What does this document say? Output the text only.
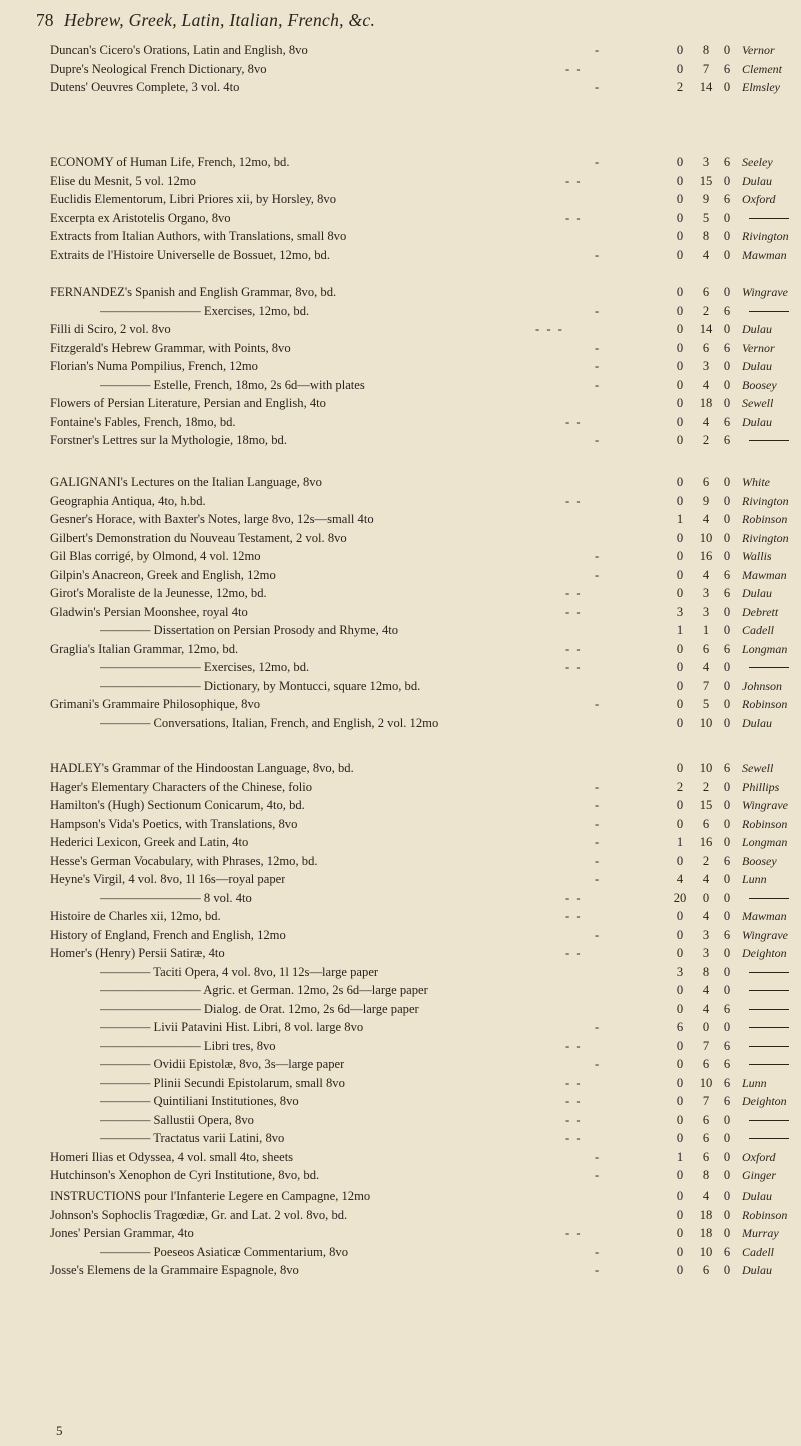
78 Hebrew, Greek, Latin, Italian, French, &c.
Duncan's Cicero's Orations, Latin and English, 8vo	-	0	8	0 Vernor
Dupre's Neological French Dictionary, 8vo	- -	0	7	6 Clement
Dutens' Oeuvres Complete, 3 vol. 4to	-	2	14 0 Elmsley
ECONOMY of Human Life, French, 12mo, bd.	-	0	3	6 Seeley
Elise du Mesnit, 5 vol. 12mo	- -	0	15 0 Dulau
Euclidis Elementorum, Libri Priores xii, by Horsley, 8vo	0	9	6 Oxford
Excerpta ex Aristotelis Organo, 8vo	- -	0	5	0
Extracts from Italian Authors, with Translations, small 8vo	0	8	0 Rivington
Extraits de l'Histoire Universelle de Bossuet, 12mo, bd.	-	0	4	0 Mawman
FERNANDEZ's Spanish and English Grammar, 8vo, bd.	0	6	0 Wingrave
———————— Exercises, 12mo, bd.	-	0	2	6
Filli di Sciro, 2 vol. 8vo	- - -	0	14 0 Dulau
Fitzgerald's Hebrew Grammar, with Points, 8vo	-	0	6	6 Vernor
Florian's Numa Pompilius, French, 12mo	-	0	3	0 Dulau
———— Estelle, French, 18mo, 2s 6d—with plates	-	0	4	0 Boosey
Flowers of Persian Literature, Persian and English, 4to	0	18 0 Sewell
Fontaine's Fables, French, 18mo, bd.	- -	0	4	6 Dulau
Forstner's Lettres sur la Mythologie, 18mo, bd.	-	0	2	6
GALIGNANI's Lectures on the Italian Language, 8vo	0	6	0 White
Geographia Antiqua, 4to, h.bd.	- -	0	9	0 Rivington
Gesner's Horace, with Baxter's Notes, large 8vo, 12s—small 4to	1	4	0 Robinson
Gilbert's Demonstration du Nouveau Testament, 2 vol. 8vo	0	10 0 Rivington
Gil Blas corrigé, by Olmond, 4 vol. 12mo	-	0	16 0 Wallis
Gilpin's Anacreon, Greek and English, 12mo	-	0	4	6 Mawman
Girot's Moraliste de la Jeunesse, 12mo, bd.	- -	0	3	6 Dulau
Gladwin's Persian Moonshee, royal 4to	- -	3	3	0 Debrett
———— Dissertation on Persian Prosody and Rhyme, 4to	1	1	0 Cadell
Graglia's Italian Grammar, 12mo, bd.	- -	0	6	6 Longman
———————— Exercises, 12mo, bd.	- -	0	4	0
———————— Dictionary, by Montucci, square 12mo, bd.	0	7	0 Johnson
Grimani's Grammaire Philosophique, 8vo	-	0	5	0 Robinson
———— Conversations, Italian, French, and English, 2 vol. 12mo	0	10 0 Dulau
HADLEY's Grammar of the Hindoostan Language, 8vo, bd.	0	10 6 Sewell
Hager's Elementary Characters of the Chinese, folio	-	2	2	0 Phillips
Hamilton's (Hugh) Sectionum Conicarum, 4to, bd.	-	0	15 0 Wingrave
Hampson's Vida's Poetics, with Translations, 8vo	-	0	6	0 Robinson
Hederici Lexicon, Greek and Latin, 4to	-	1	16 0 Longman
Hesse's German Vocabulary, with Phrases, 12mo, bd.	-	0	2	6 Boosey
Heyne's Virgil, 4 vol. 8vo, 1l 16s—royal paper	-	4	4	0 Lunn
———————— 8 vol. 4to	- -	20	0	0
Histoire de Charles xii, 12mo, bd.	- -	0	4	0 Mawman
History of England, French and English, 12mo	-	0	3	6 Wingrave
Homer's (Henry) Persii Satiræ, 4to	- -	0	3	0 Deighton
———— Taciti Opera, 4 vol. 8vo, 1l 12s—large paper	3	8	0
———————— Agric. et German. 12mo, 2s 6d—large paper	0	4	0
———————— Dialog. de Orat. 12mo, 2s 6d—large paper	0	4	6
———— Livii Patavini Hist. Libri, 8 vol. large 8vo	-	6	0	0
———————— Libri tres, 8vo	- -	0	7	6
———— Ovidii Epistolæ, 8vo, 3s—large paper	-	0	6	6
———— Plinii Secundi Epistolarum, small 8vo	- -	0	10 6 Lunn
———— Quintiliani Institutiones, 8vo	- -	0	7	6 Deighton
———— Sallustii Opera, 8vo	- -	0	6	0
———— Tractatus varii Latini, 8vo	- -	0	6	0
Homeri Ilias et Odyssea, 4 vol. small 4to, sheets	-	1	6	0 Oxford
Hutchinson's Xenophon de Cyri Institutione, 8vo, bd.	-	0	8	0 Ginger
INSTRUCTIONS pour l'Infanterie Legere en Campagne, 12mo	0	4	0 Dulau
Johnson's Sophoclis Tragœdiæ, Gr. and Lat. 2 vol. 8vo, bd.	0	18 0 Robinson
Jones' Persian Grammar, 4to	- -	0	18 0 Murray
———— Poeseos Asiaticæ Commentarium, 8vo	-	0	10 6 Cadell
Josse's Elemens de la Grammaire Espagnole, 8vo	-	0	6	0 Dulau
5
